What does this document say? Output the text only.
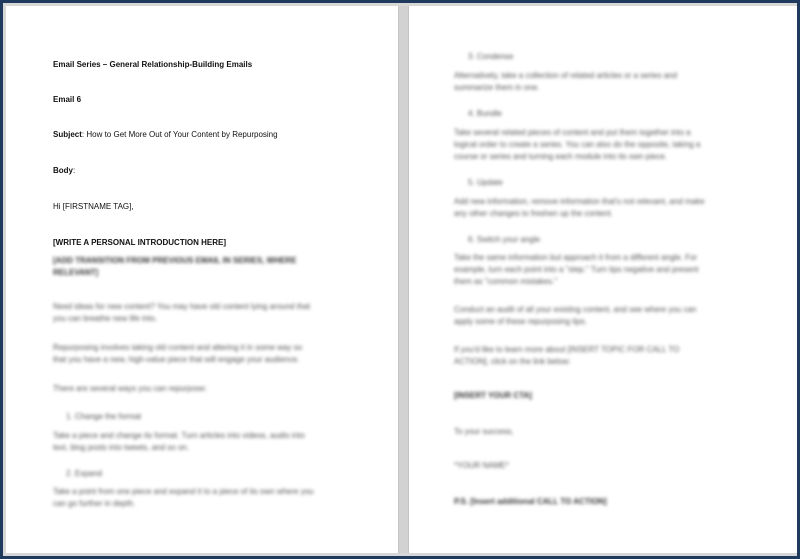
Email Series – General Relationship-Building Emails
Email 6
Subject: How to Get More Out of Your Content by Repurposing
Body:
Hi [FIRSTNAME TAG],
[WRITE A PERSONAL INTRODUCTION HERE]
[ADD TRANSITION FROM PREVIOUS EMAIL IN SERIES, WHERE
RELEVANT]
Need ideas for new content? You may have old content lying around that
you can breathe new life into.
Repurposing involves taking old content and altering it in some way so
that you have a new, high-value piece that will engage your audience.
There are several ways you can repurpose:
1. Change the format
Take a piece and change its format. Turn articles into videos, audio into
text, blog posts into tweets, and so on.
2. Expand
Take a point from one piece and expand it to a piece of its own where you
can go further in depth.
3. Condense
Alternatively, take a collection of related articles or a series and
summarize them in one.
4. Bundle
Take several related pieces of content and put them together into a
logical order to create a series. You can also do the opposite, taking a
course or series and turning each module into its own piece.
5. Update
Add new information, remove information that's not relevant, and make
any other changes to freshen up the content.
6. Switch your angle
Take the same information but approach it from a different angle. For
example, turn each point into a "step." Turn tips negative and present
them as "common mistakes."
Conduct an audit of all your existing content, and see where you can
apply some of these repurposing tips.
If you'd like to learn more about [INSERT TOPIC FOR CALL TO
ACTION], click on the link below:
[INSERT YOUR CTA]
To your success,
*YOUR NAME*
P.S. [Insert additional CALL TO ACTION]
